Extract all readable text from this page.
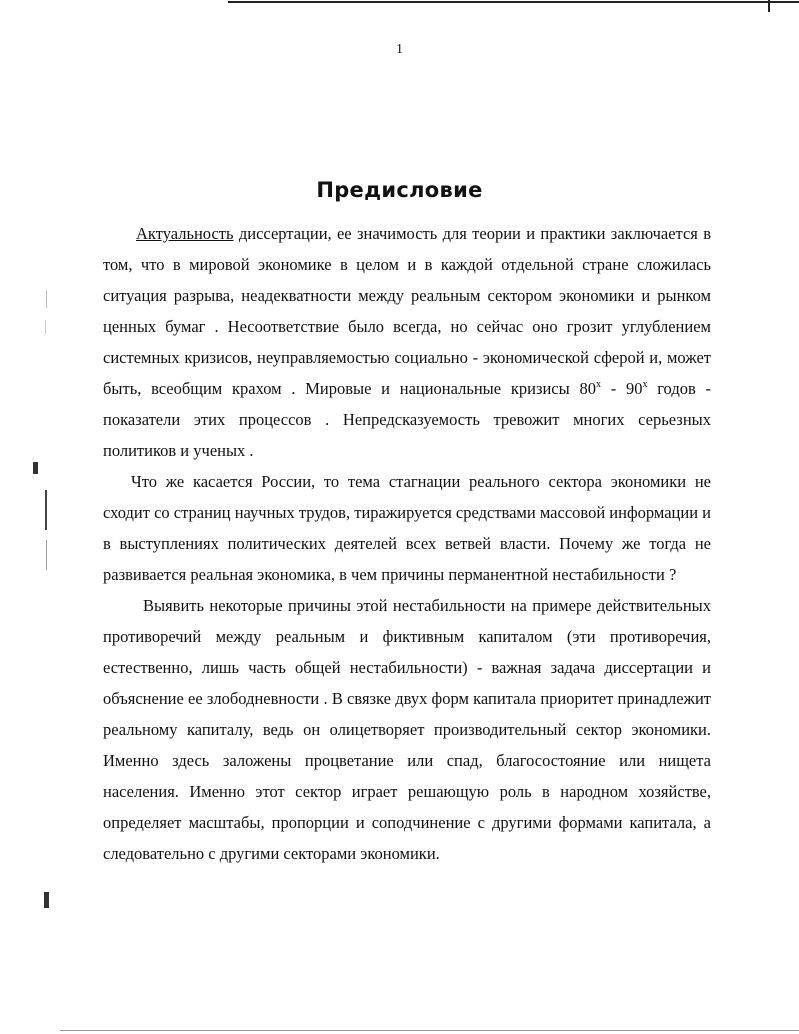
1
Предисловие

Актуальность диссертации, ее значимость для теории и практики заключается в том, что в мировой экономике в целом и в каждой отдельной стране сложилась ситуация разрыва, неадекватности между реальным сектором экономики и рынком ценных бумаг . Несоответствие было всегда, но сейчас оно грозит углублением системных кризисов, неуправляемостью социально - экономической сферой и, может быть, всеобщим крахом . Мировые и национальные кризисы $80^х - 90^х$ годов - показатели этих процессов . Непредсказуемость тревожит многих серьезных политиков и ученых .

Что же касается России, то тема стагнации реального сектора экономики не сходит со страниц научных трудов, тиражируется средствами массовой информации и в выступлениях политических деятелей всех ветвей власти. Почему же тогда не развивается реальная экономика, в чем причины перманентной нестабильности ?

Выявить некоторые причины этой нестабильности на примере действительных противоречий между реальным и фиктивным капиталом (эти противоречия, естественно, лишь часть общей нестабильности) - важная задача диссертации и объяснение ее злободневности . В связке двух форм капитала приоритет принадлежит реальному капиталу, ведь он олицетворяет производительный сектор экономики. Именно здесь заложены процветание или спад, благосостояние или нищета населения. Именно этот сектор играет решающую роль в народном хозяйстве, определяет масштабы, пропорции и соподчинение с другими формами капитала, а следовательно с другими секторами экономики.
